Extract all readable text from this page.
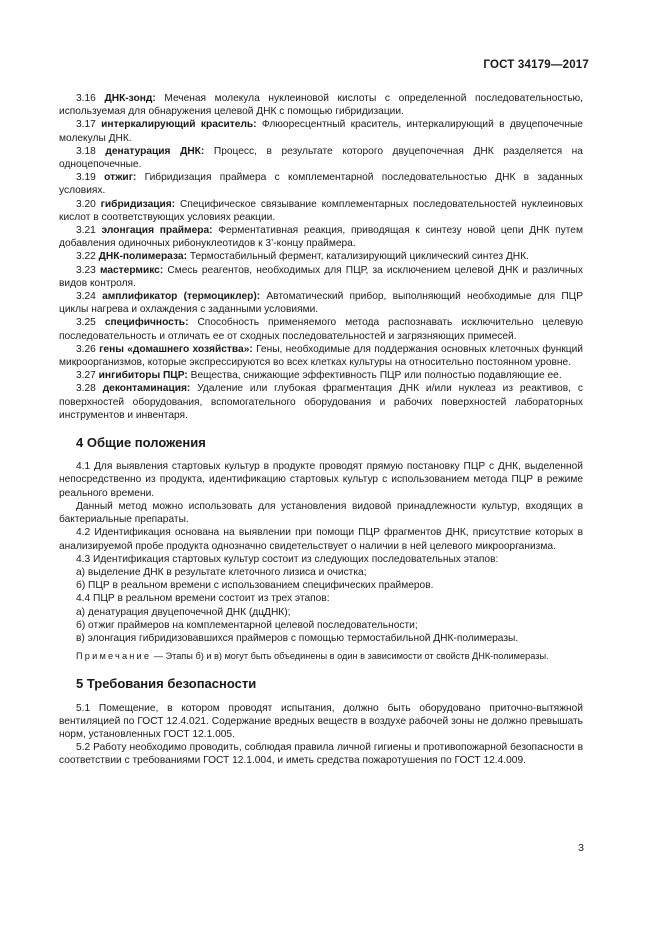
ГОСТ 34179—2017

3.16 ДНК-зонд: Меченая молекула нуклеиновой кислоты с определенной последовательностью, используемая для обнаружения целевой ДНК с помощью гибридизации.

3.17 интеркалирующий краситель: Флюоресцентный краситель, интеркалирующий в двуцепочечные молекулы ДНК.

3.18 денатурация ДНК: Процесс, в результате которого двуцепочечная ДНК разделяется на одноцепочечные.

3.19 отжиг: Гибридизация праймера с комплементарной последовательностью ДНК в заданных условиях.

3.20 гибридизация: Специфическое связывание комплементарных последовательностей нуклеиновых кислот в соответствующих условиях реакции.

3.21 элонгация праймера: Ферментативная реакция, приводящая к синтезу новой цепи ДНК путем добавления одиночных рибонуклеотидов к 3’-концу праймера.

3.22 ДНК-полимераза: Термостабильный фермент, катализирующий циклический синтез ДНК.

3.23 мастермикс: Смесь реагентов, необходимых для ПЦР, за исключением целевой ДНК и различных видов контроля.

3.24 амплификатор (термоциклер): Автоматический прибор, выполняющий необходимые для ПЦР циклы нагрева и охлаждения с заданными условиями.

3.25 специфичность: Способность применяемого метода распознавать исключительно целевую последовательность и отличать ее от сходных последовательностей и загрязняющих примесей.

3.26 гены «домашнего хозяйства»: Гены, необходимые для поддержания основных клеточных функций микроорганизмов, которые экспрессируются во всех клетках культуры на относительно постоянном уровне.

3.27 ингибиторы ПЦР: Вещества, снижающие эффективность ПЦР или полностью подавляющие ее.

3.28 деконтаминация: Удаление или глубокая фрагментация ДНК и/или нуклеаз из реактивов, с поверхностей оборудования, вспомогательного оборудования и рабочих поверхностей лабораторных инструментов и инвентаря.

4 Общие положения

4.1 Для выявления стартовых культур в продукте проводят прямую постановку ПЦР с ДНК, выделенной непосредственно из продукта, идентификацию стартовых культур с использованием метода ПЦР в режиме реального времени.

Данный метод можно использовать для установления видовой принадлежности культур, входящих в бактериальные препараты.

4.2 Идентификация основана на выявлении при помощи ПЦР фрагментов ДНК, присутствие которых в анализируемой пробе продукта однозначно свидетельствует о наличии в ней целевого микроорганизма.

4.3 Идентификация стартовых культур состоит из следующих последовательных этапов:

а) выделение ДНК в результате клеточного лизиса и очистка;

б) ПЦР в реальном времени с использованием специфических праймеров.

4.4 ПЦР в реальном времени состоит из трех этапов:

а) денатурация двуцепочечной ДНК (дцДНК);

б) отжиг праймеров на комплементарной целевой последовательности;

в) элонгация гибридизовавшихся праймеров с помощью термостабильной ДНК-полимеразы.

Примечание — Этапы б) и в) могут быть объединены в один в зависимости от свойств ДНК-полимеразы.

5 Требования безопасности

5.1 Помещение, в котором проводят испытания, должно быть оборудовано приточно-вытяжной вентиляцией по ГОСТ 12.4.021. Содержание вредных веществ в воздухе рабочей зоны не должно превышать норм, установленных ГОСТ 12.1.005.

5.2 Работу необходимо проводить, соблюдая правила личной гигиены и противопожарной безопасности в соответствии с требованиями ГОСТ 12.1.004, и иметь средства пожаротушения по ГОСТ 12.4.009.

3
